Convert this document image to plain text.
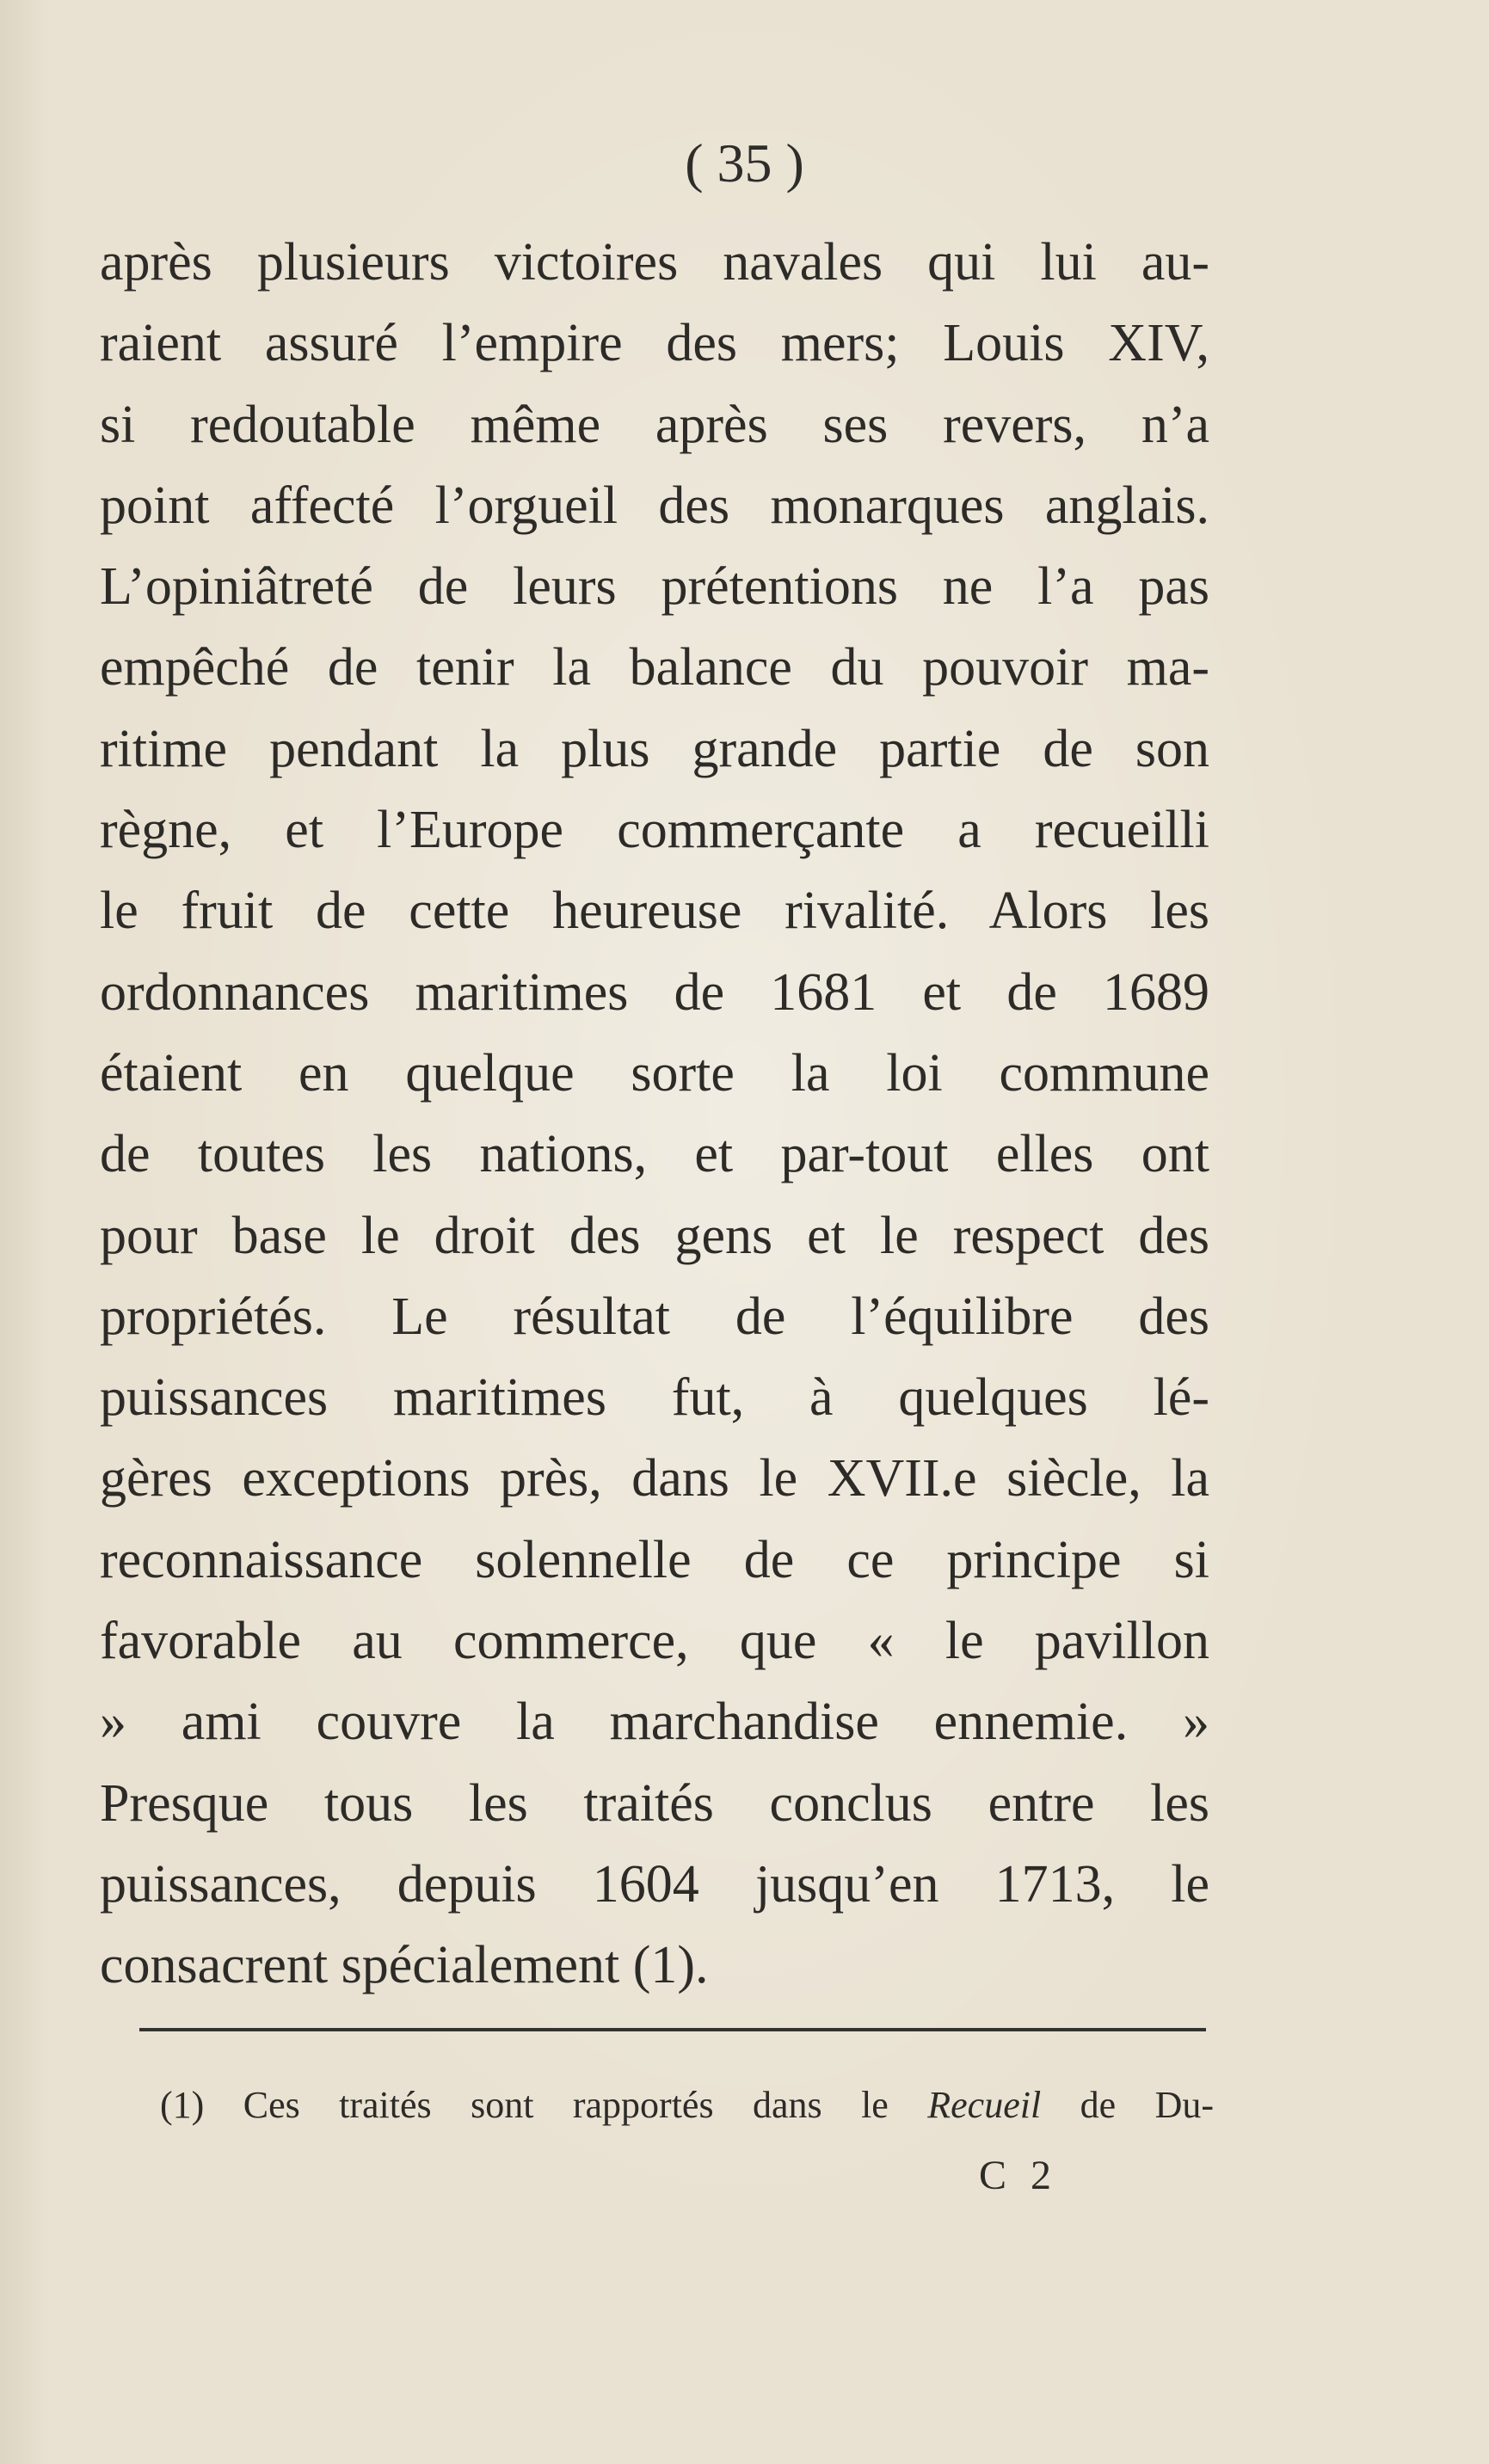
( 35 )
après plusieurs victoires navales qui lui au-
raient assuré l’empire des mers; Louis XIV,
si redoutable même après ses revers, n’a
point affecté l’orgueil des monarques anglais.
L’opiniâtreté de leurs prétentions ne l’a pas
empêché de tenir la balance du pouvoir ma-
ritime pendant la plus grande partie de son
règne, et l’Europe commerçante a recueilli
le fruit de cette heureuse rivalité. Alors les
ordonnances maritimes de 1681 et de 1689
étaient en quelque sorte la loi commune
de toutes les nations, et par-tout elles ont
pour base le droit des gens et le respect des
propriétés. Le résultat de l’équilibre des
puissances maritimes fut, à quelques lé-
gères exceptions près, dans le XVII.e siècle, la
reconnaissance solennelle de ce principe si
favorable au commerce, que « le pavillon
» ami couvre la marchandise ennemie. »
Presque tous les traités conclus entre les
puissances, depuis 1604 jusqu’en 1713, le
consacrent spécialement (1).
(1) Ces traités sont rapportés dans le Recueil de Du-
C 2
